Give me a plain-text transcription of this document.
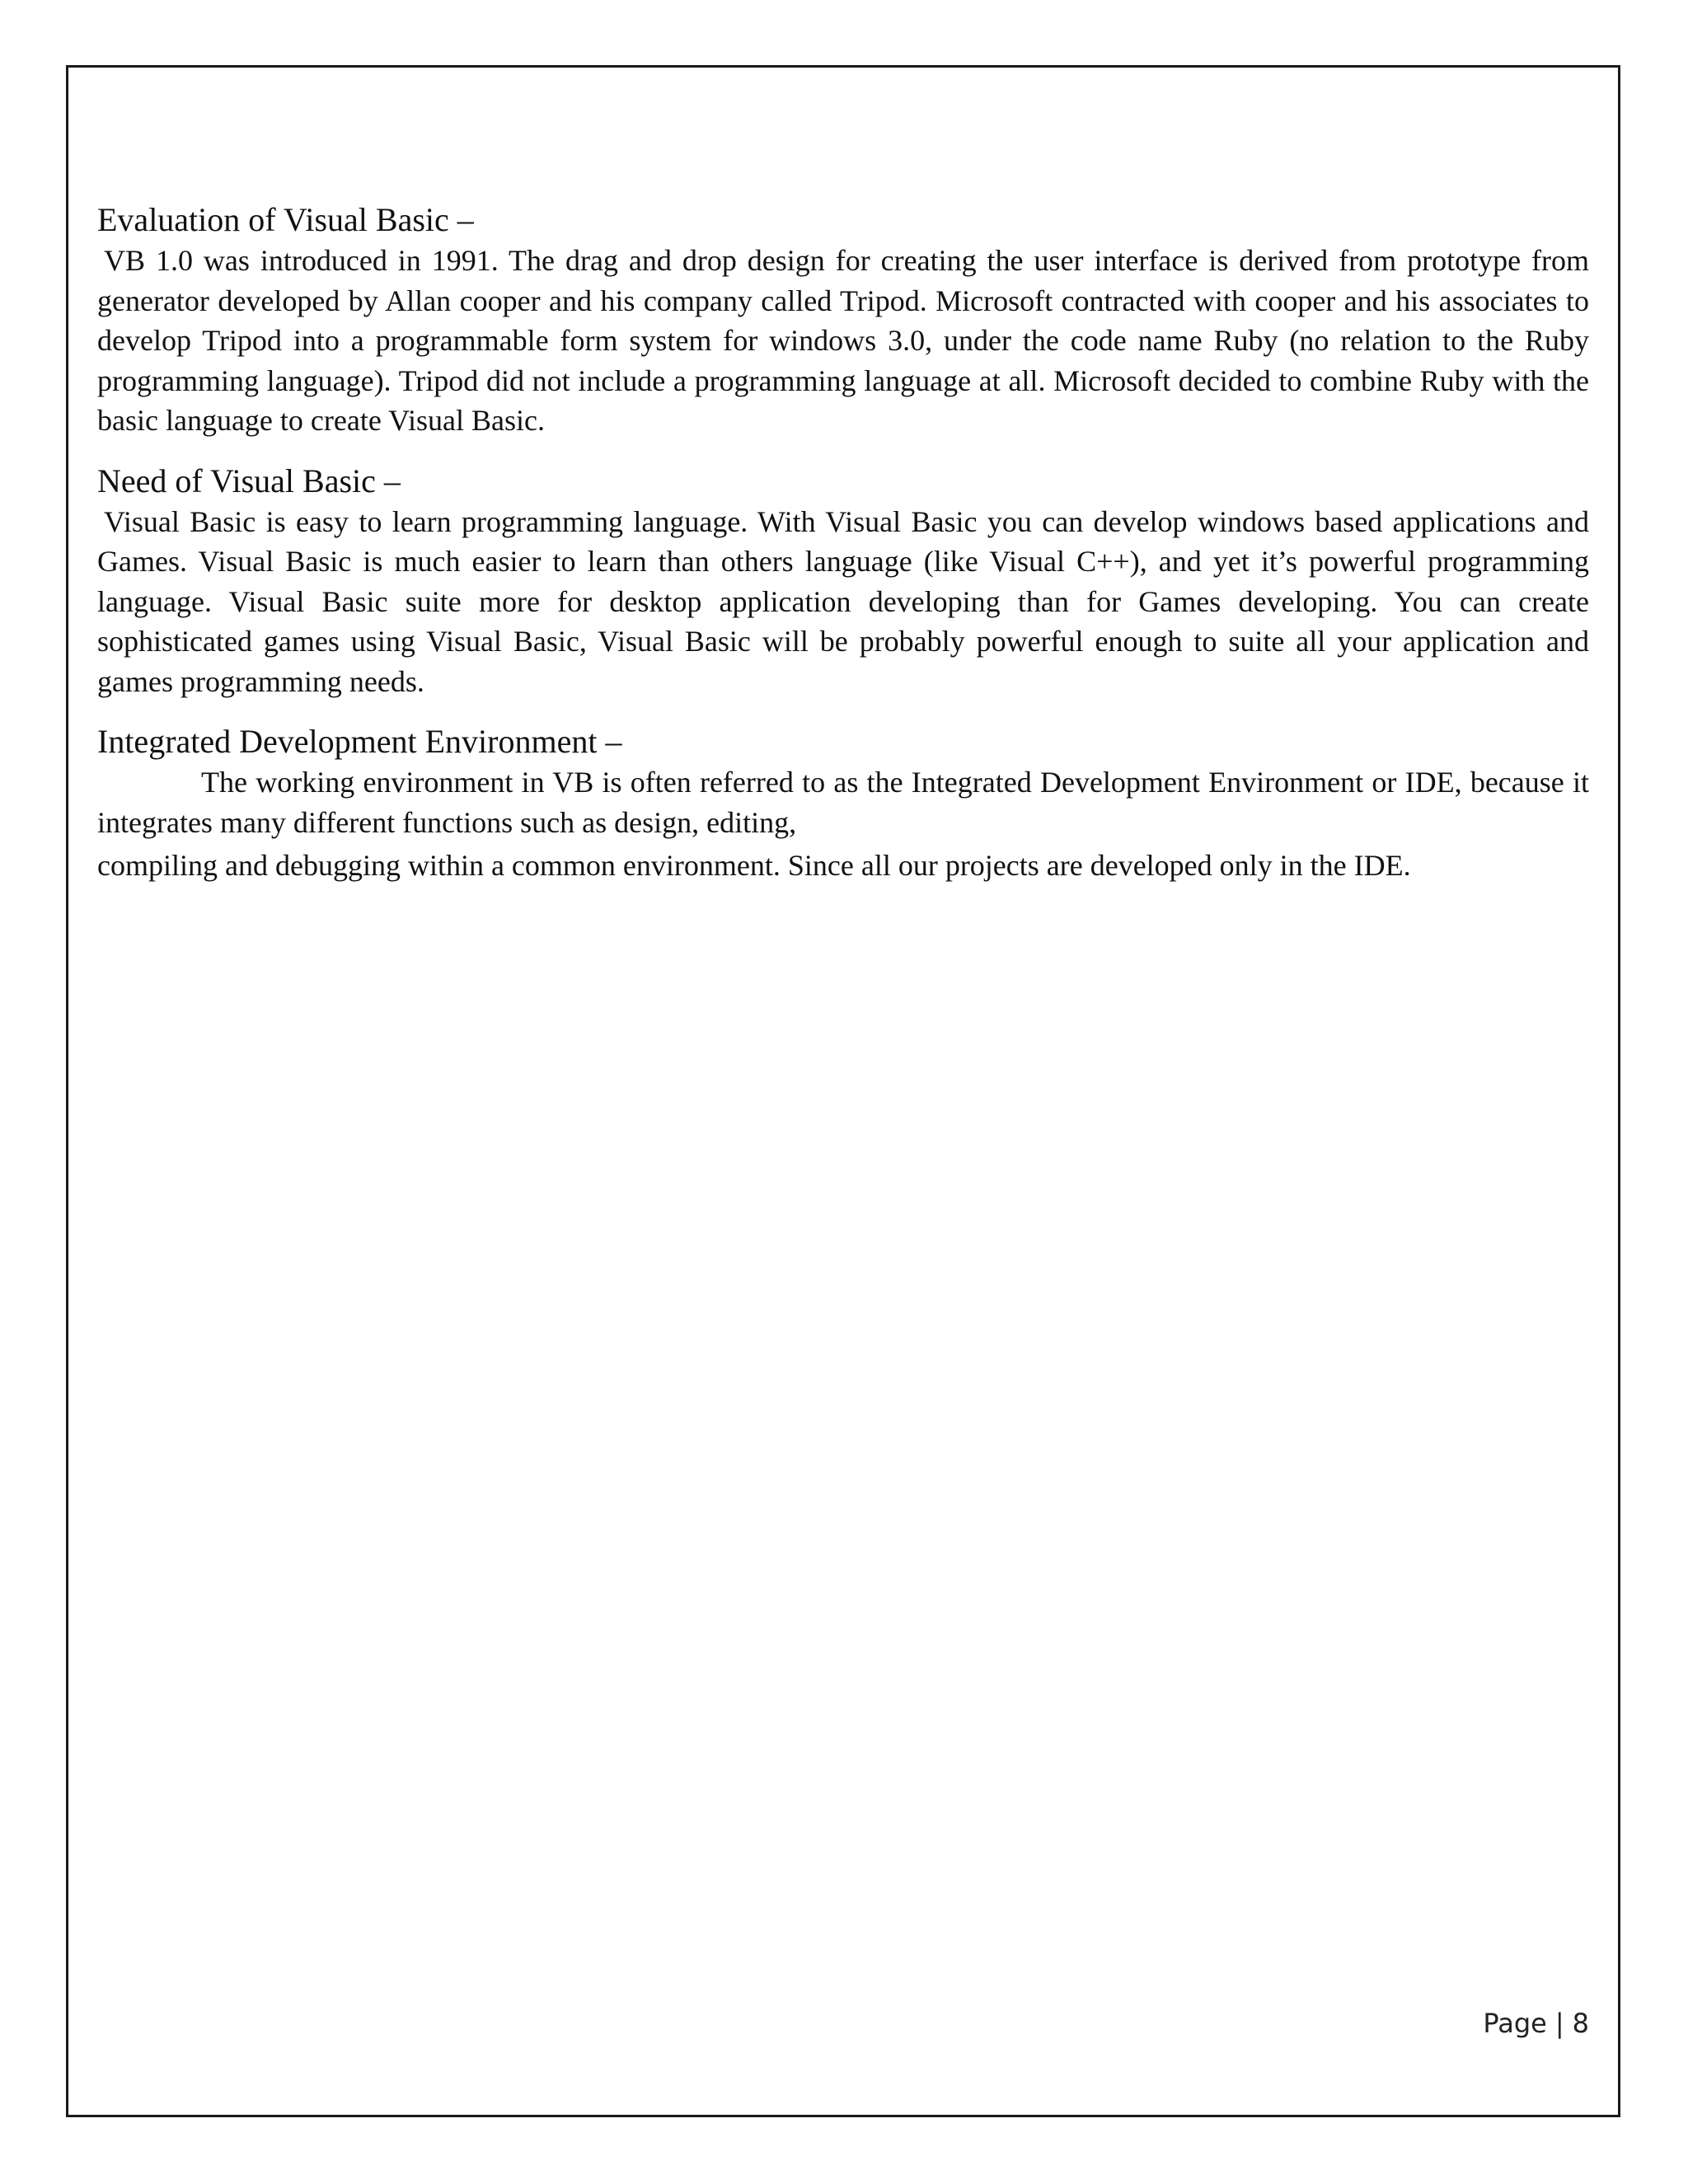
Evaluation of Visual Basic –

VB 1.0 was introduced in 1991. The drag and drop design for creating the user interface is derived from prototype from generator developed by Allan cooper and his company called Tripod. Microsoft contracted with cooper and his associates to develop Tripod into a programmable form system for windows 3.0, under the code name Ruby (no relation to the Ruby programming language). Tripod did not include a programming language at all. Microsoft decided to combine Ruby with the basic language to create Visual Basic.

Need of Visual Basic –

Visual Basic is easy to learn programming language. With Visual Basic you can develop windows based applications and Games. Visual Basic is much easier to learn than others language (like Visual C++), and yet it’s powerful programming language. Visual Basic suite more for desktop application developing than for Games developing. You can create sophisticated games using Visual Basic, Visual Basic will be probably powerful enough to suite all your application and games programming needs.

Integrated Development Environment –

The working environment in VB is often referred to as the Integrated Development Environment or IDE, because it integrates many different functions such as design, editing,

compiling and debugging within a common environment. Since all our projects are developed only in the IDE.

Page | 8
